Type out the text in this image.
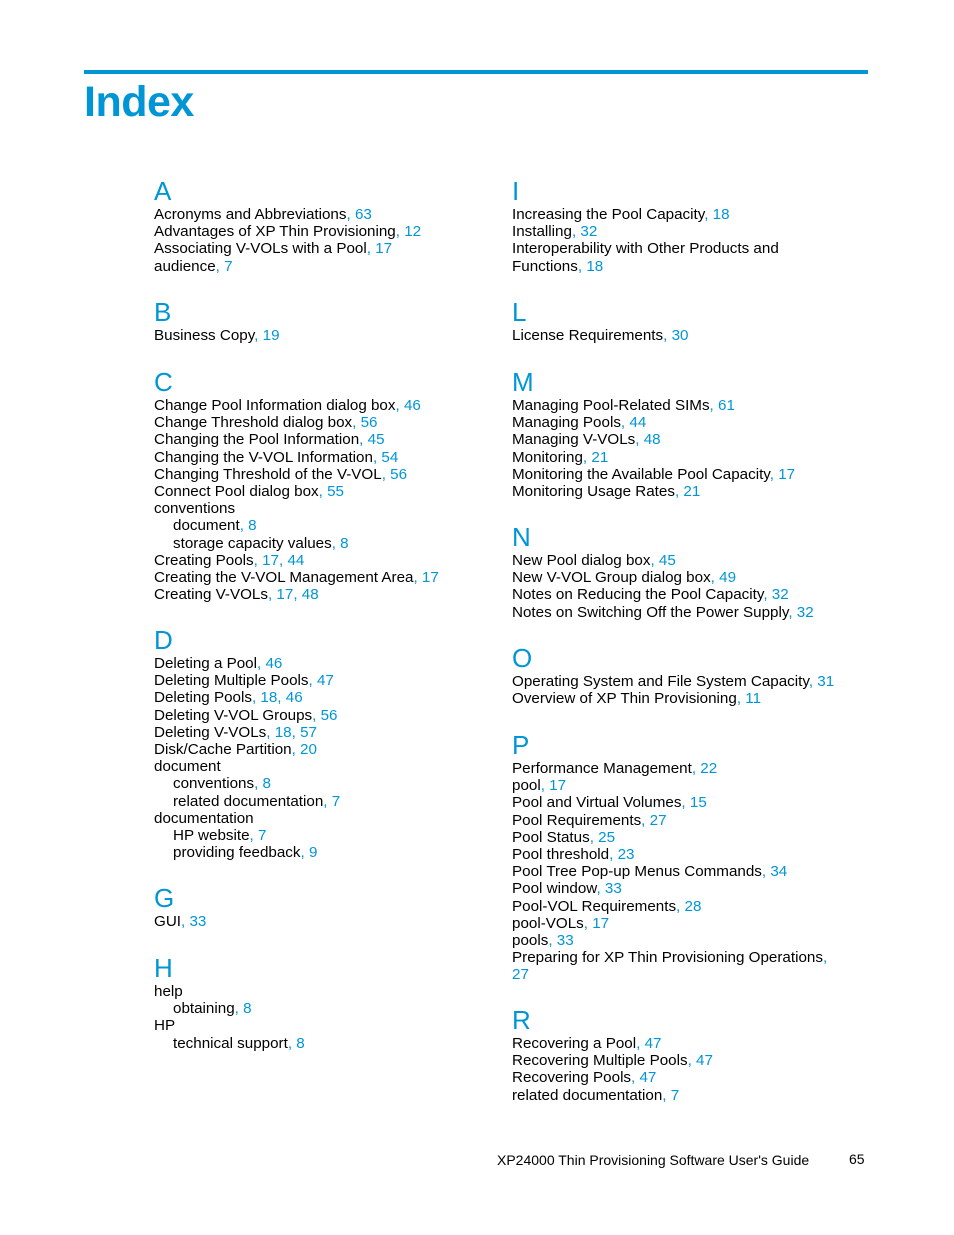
Index
A
Acronyms and Abbreviations, 63
Advantages of XP Thin Provisioning, 12
Associating V-VOLs with a Pool, 17
audience, 7
B
Business Copy, 19
C
Change Pool Information dialog box, 46
Change Threshold dialog box, 56
Changing the Pool Information, 45
Changing the V-VOL Information, 54
Changing Threshold of the V-VOL, 56
Connect Pool dialog box, 55
conventions
document, 8
storage capacity values, 8
Creating Pools, 17, 44
Creating the V-VOL Management Area, 17
Creating V-VOLs, 17, 48
D
Deleting a Pool, 46
Deleting Multiple Pools, 47
Deleting Pools, 18, 46
Deleting V-VOL Groups, 56
Deleting V-VOLs, 18, 57
Disk/Cache Partition, 20
document
conventions, 8
related documentation, 7
documentation
HP website, 7
providing feedback, 9
G
GUI, 33
H
help
obtaining, 8
HP
technical support, 8
I
Increasing the Pool Capacity, 18
Installing, 32
Interoperability with Other Products and
Functions, 18
L
License Requirements, 30
M
Managing Pool-Related SIMs, 61
Managing Pools, 44
Managing V-VOLs, 48
Monitoring, 21
Monitoring the Available Pool Capacity, 17
Monitoring Usage Rates, 21
N
New Pool dialog box, 45
New V-VOL Group dialog box, 49
Notes on Reducing the Pool Capacity, 32
Notes on Switching Off the Power Supply, 32
O
Operating System and File System Capacity, 31
Overview of XP Thin Provisioning, 11
P
Performance Management, 22
pool, 17
Pool and Virtual Volumes, 15
Pool Requirements, 27
Pool Status, 25
Pool threshold, 23
Pool Tree Pop-up Menus Commands, 34
Pool window, 33
Pool-VOL Requirements, 28
pool-VOLs, 17
pools, 33
Preparing for XP Thin Provisioning Operations,
27
R
Recovering a Pool, 47
Recovering Multiple Pools, 47
Recovering Pools, 47
related documentation, 7
XP24000 Thin Provisioning Software User's Guide	65
